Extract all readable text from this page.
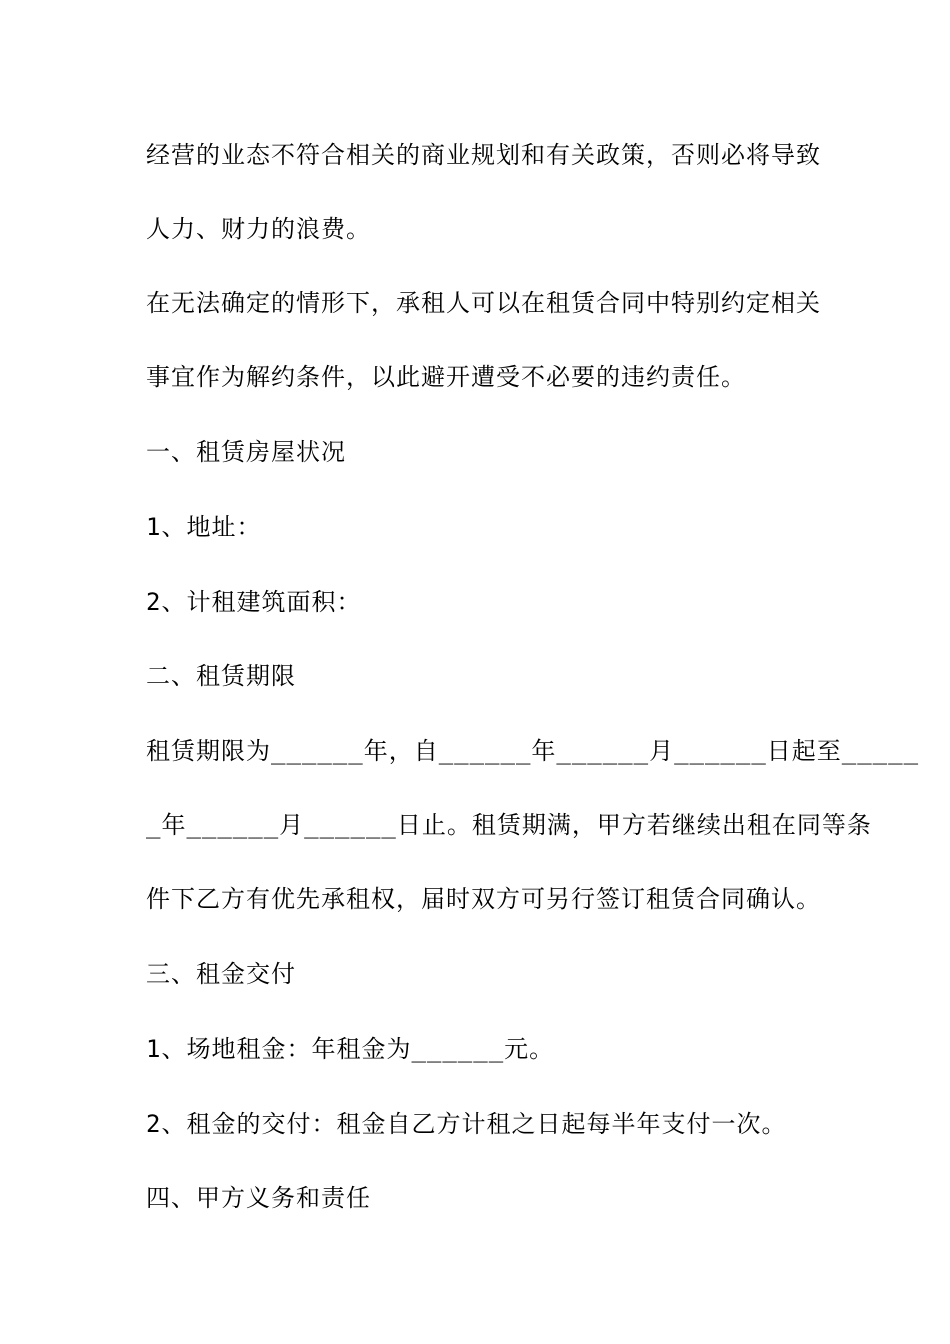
经营的业态不符合相关的商业规划和有关政策，否则必将导致
人力、财力的浪费。
在无法确定的情形下，承租人可以在租赁合同中特别约定相关
事宜作为解约条件，以此避开遭受不必要的违约责任。
一、租赁房屋状况
1、地址：
2、计租建筑面积：
二、租赁期限
租赁期限为______年，自______年______月______日起至_____
_年______月______日止。租赁期满，甲方若继续出租在同等条
件下乙方有优先承租权，届时双方可另行签订租赁合同确认。
三、租金交付
1、场地租金：年租金为______元。
2、租金的交付：租金自乙方计租之日起每半年支付一次。
四、甲方义务和责任
